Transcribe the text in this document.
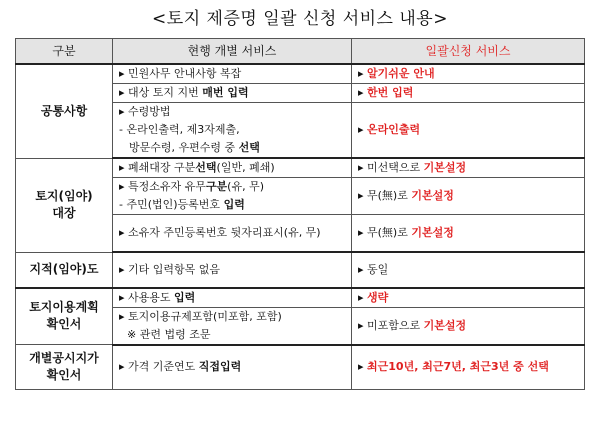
<토지 제증명 일괄 신청 서비스 내용>
구분	현행 개별 서비스	일괄신청 서비스
공통사항	▸ 민원사무 안내사항 복잡	▸ 알기쉬운 안내

	▸ 대상 토지 지번 매번 입력	▸ 한번 입력

	▸ 수령방법
- 온라인출력, 제3자제출,
방문수령, 우편수령 중 선택	▸ 온라인출력

토지(임야) 대장	▸ 폐쇄대장 구분선택(일반, 폐쇄)	▸ 미선택으로 기본설정

	▸ 특정소유자 유무구분(유, 무)
- 주민(법인)등록번호 입력	▸ 무(無)로 기본설정

	▸ 소유자 주민등록번호 뒷자리표시(유, 무)	▸ 무(無)로 기본설정

지적(임야)도	▸ 기타 입력항목 없음	▸ 동일

토지이용계획 확인서	▸ 사용용도 입력	▸ 생략

	▸ 토지이용규제포함(미포함, 포함)
※ 관련 법령 조문	▸ 미포함으로 기본설정

개별공시지가 확인서	▸ 가격 기준연도 직접입력	▸ 최근10년, 최근7년, 최근3년 중 선택
